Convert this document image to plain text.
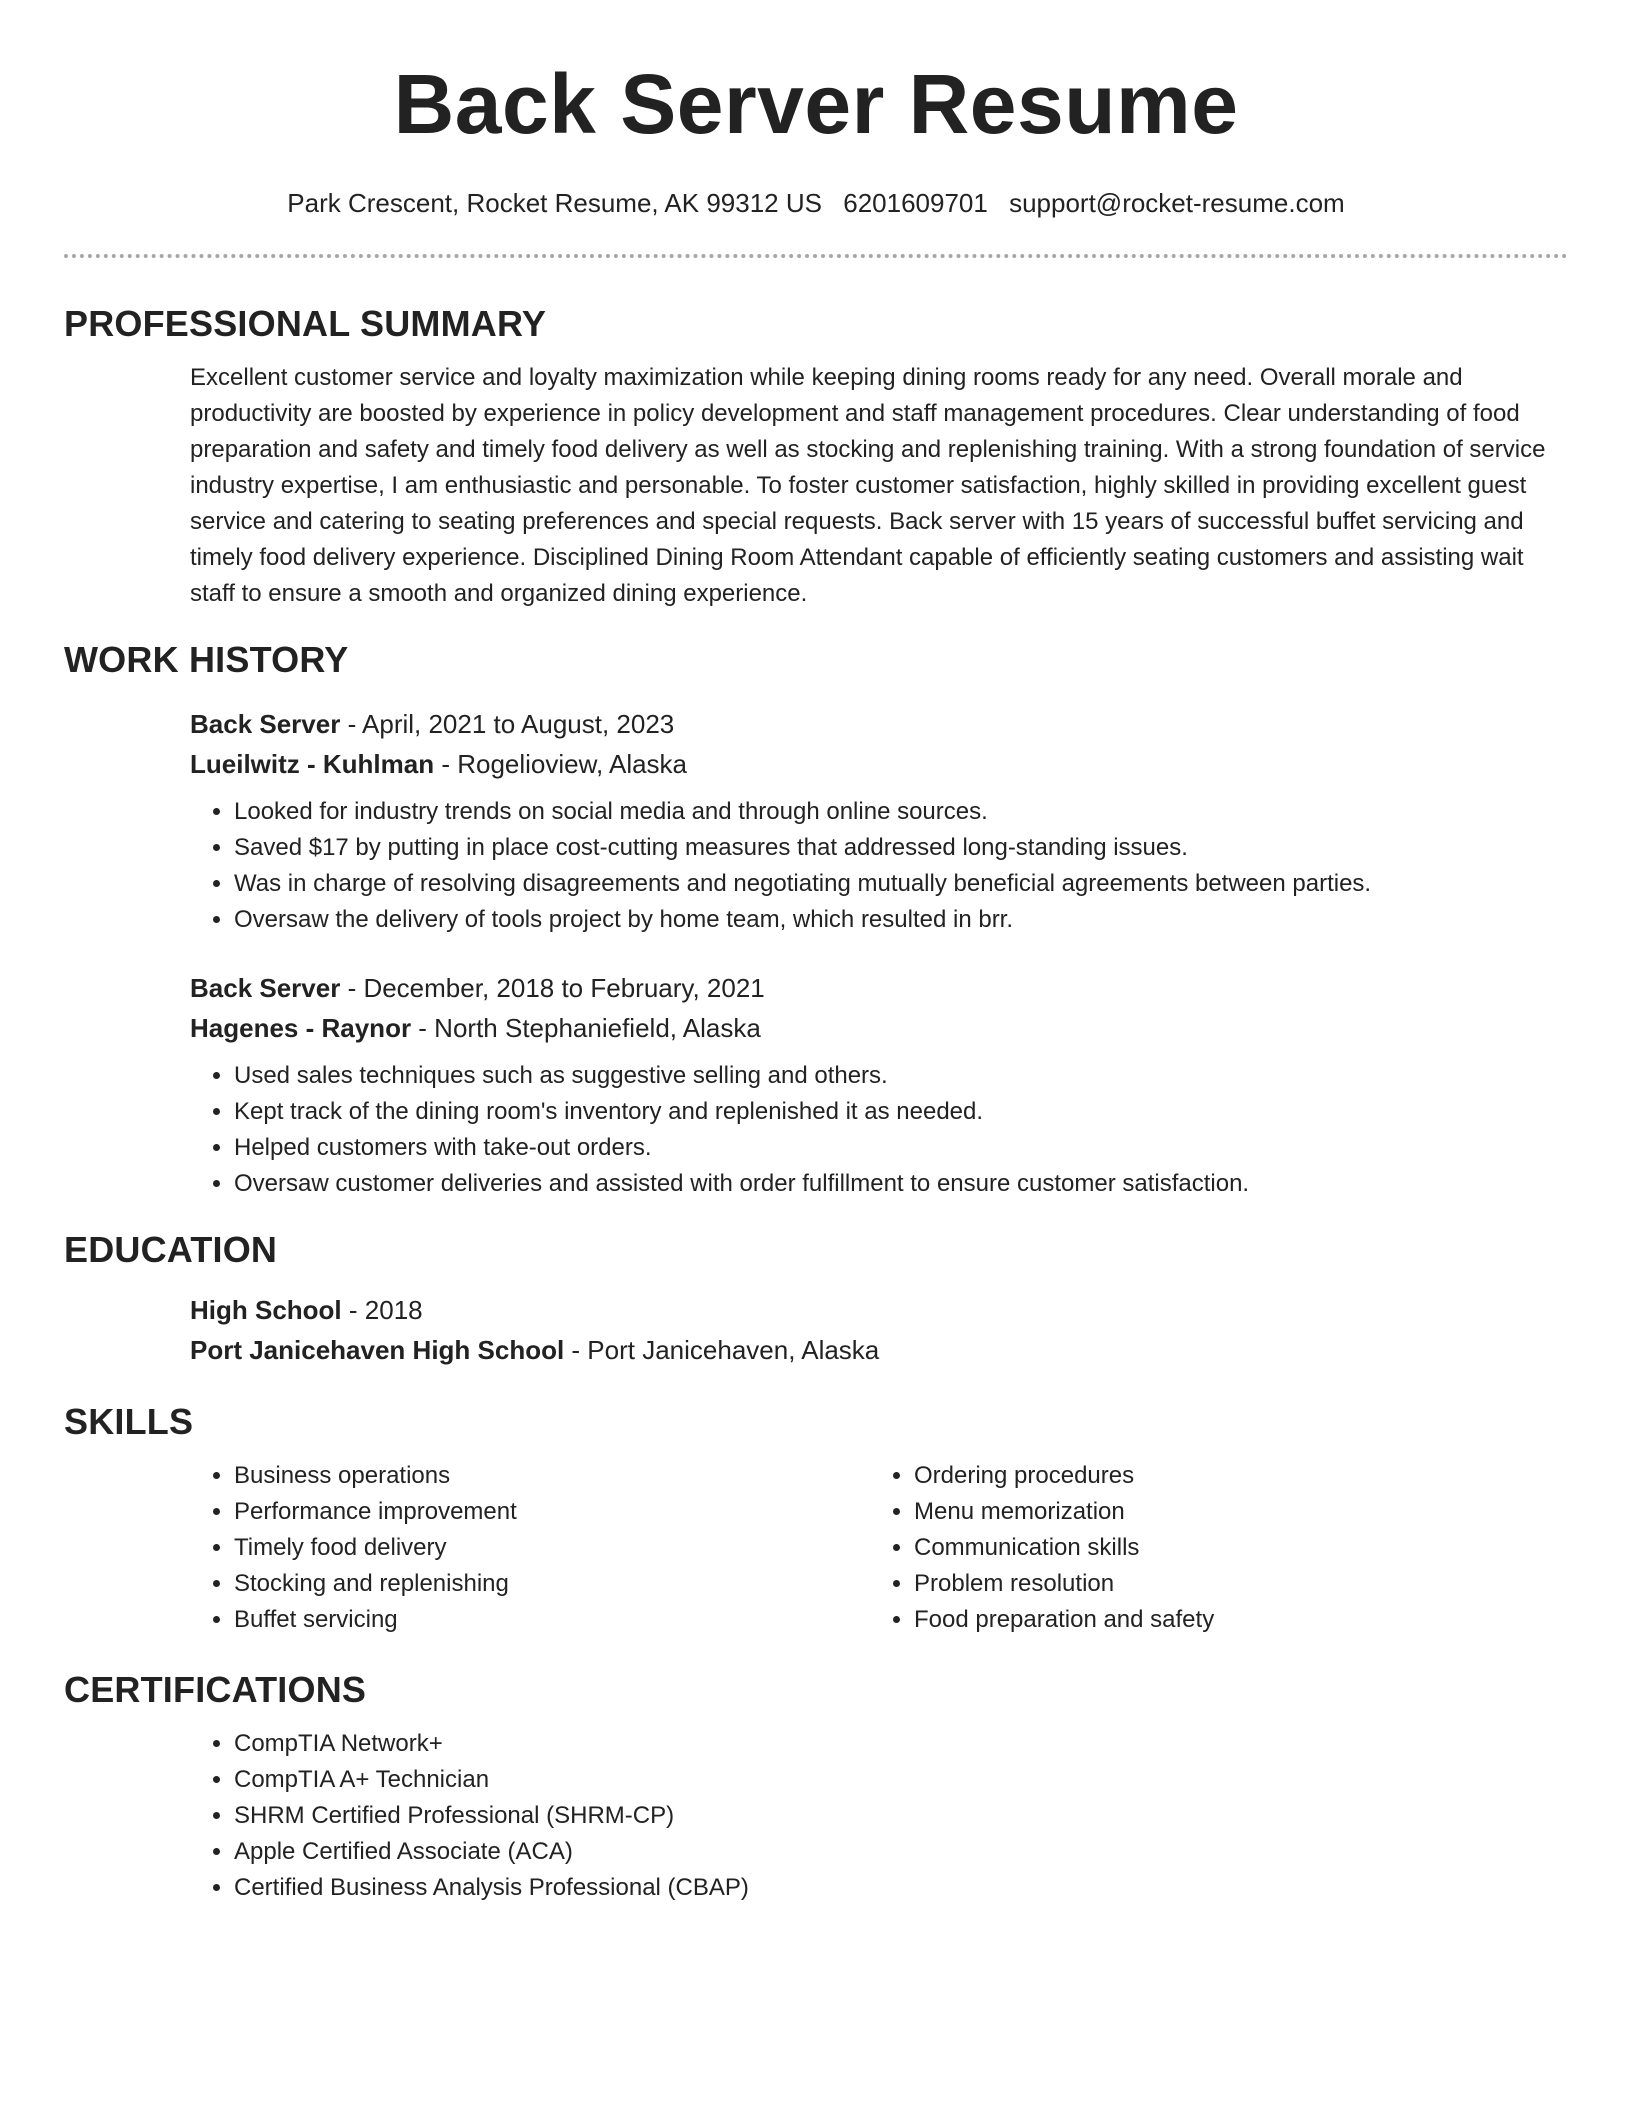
Back Server Resume
Park Crescent, Rocket Resume, AK 99312 US 6201609701 support@rocket-resume.com
PROFESSIONAL SUMMARY

Excellent customer service and loyalty maximization while keeping dining rooms ready for any need. Overall morale and productivity are boosted by experience in policy development and staff management procedures. Clear understanding of food preparation and safety and timely food delivery as well as stocking and replenishing training. With a strong foundation of service industry expertise, I am enthusiastic and personable. To foster customer satisfaction, highly skilled in providing excellent guest service and catering to seating preferences and special requests. Back server with 15 years of successful buffet servicing and timely food delivery experience. Disciplined Dining Room Attendant capable of efficiently seating customers and assisting wait staff to ensure a smooth and organized dining experience.

WORK HISTORY
Back Server - April, 2021 to August, 2023
Lueilwitz - Kuhlman - Rogelioview, Alaska
• Looked for industry trends on social media and through online sources.
• Saved $17 by putting in place cost-cutting measures that addressed long-standing issues.
• Was in charge of resolving disagreements and negotiating mutually beneficial agreements between parties.
• Oversaw the delivery of tools project by home team, which resulted in brr.
Back Server - December, 2018 to February, 2021
Hagenes - Raynor - North Stephaniefield, Alaska
• Used sales techniques such as suggestive selling and others.
• Kept track of the dining room's inventory and replenished it as needed.
• Helped customers with take-out orders.
• Oversaw customer deliveries and assisted with order fulfillment to ensure customer satisfaction.
EDUCATION
High School - 2018
Port Janicehaven High School - Port Janicehaven, Alaska
SKILLS
• Business operations
• Performance improvement
• Timely food delivery
• Stocking and replenishing
• Buffet servicing
• Ordering procedures
• Menu memorization
• Communication skills
• Problem resolution
• Food preparation and safety
CERTIFICATIONS
• CompTIA Network+
• CompTIA A+ Technician
• SHRM Certified Professional (SHRM-CP)
• Apple Certified Associate (ACA)
• Certified Business Analysis Professional (CBAP)
